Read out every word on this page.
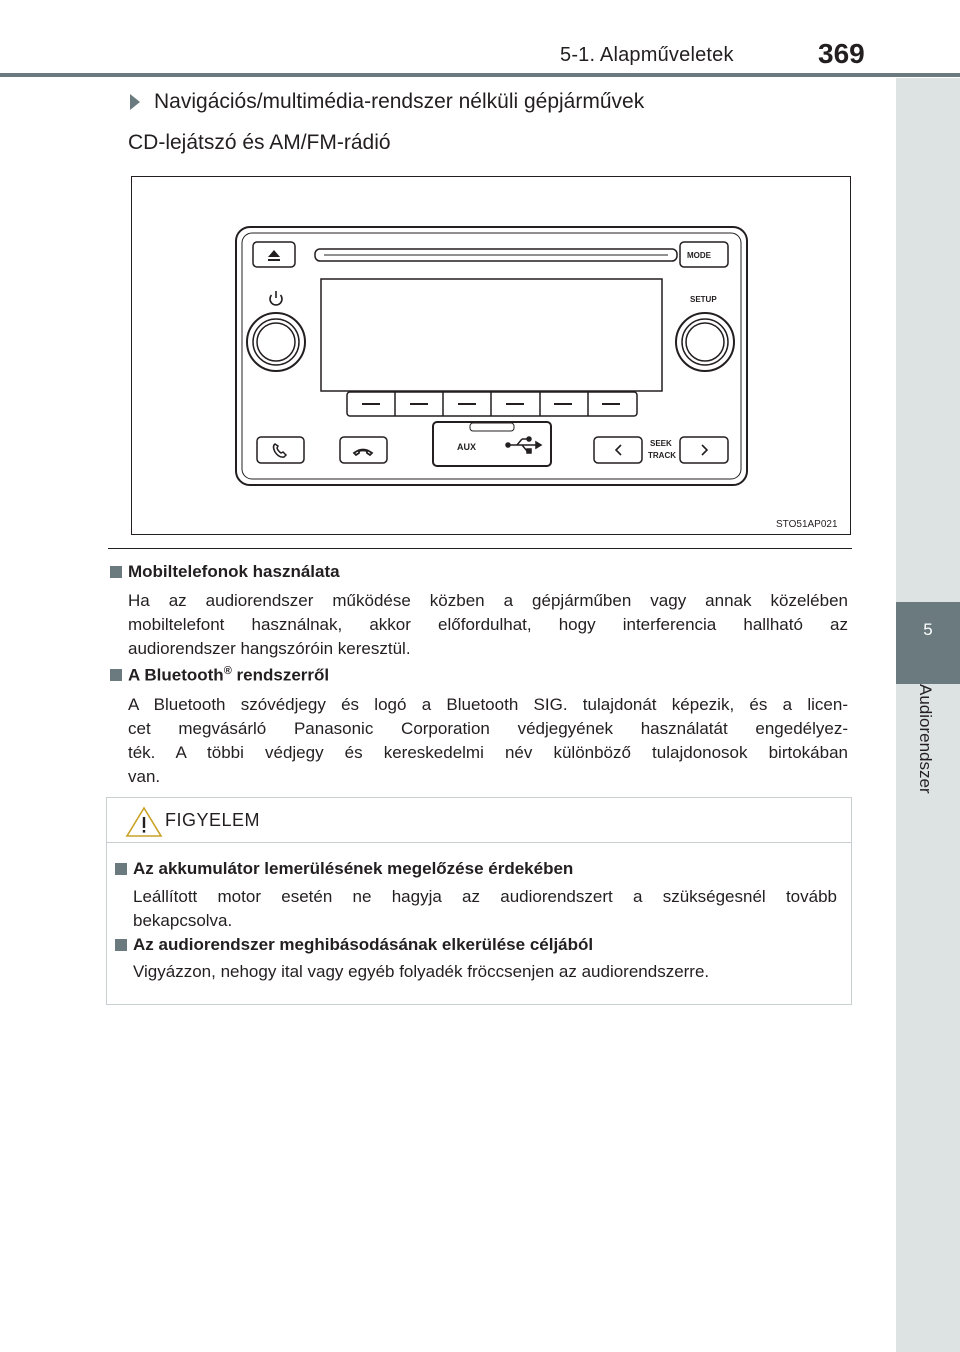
5-1. Alapműveletek	369
5
Audiorendszer
Navigációs/multimédia-rendszer nélküli gépjárművek
CD-lejátszó és AM/FM-rádió
AUX
MODE
SETUP
SEEK
TRACK
STO51AP021
Mobiltelefonok használata
Ha az audiorendszer működése közben a gépjárműben vagy annak közelében
mobiltelefont használnak, akkor előfordulhat, hogy interferencia hallható az
audiorendszer hangszóróin keresztül.
A Bluetooth® rendszerről
A Bluetooth szóvédjegy és logó a Bluetooth SIG. tulajdonát képezik, és a licen-
cet megvásárló Panasonic Corporation védjegyének használatát engedélyez-
ték. A többi védjegy és kereskedelmi név különböző tulajdonosok birtokában
van.
FIGYELEM
Az akkumulátor lemerülésének megelőzése érdekében
Leállított motor esetén ne hagyja az audiorendszert a szükségesnél tovább
bekapcsolva.
Az audiorendszer meghibásodásának elkerülése céljából
Vigyázzon, nehogy ital vagy egyéb folyadék fröccsenjen az audiorendszerre.
